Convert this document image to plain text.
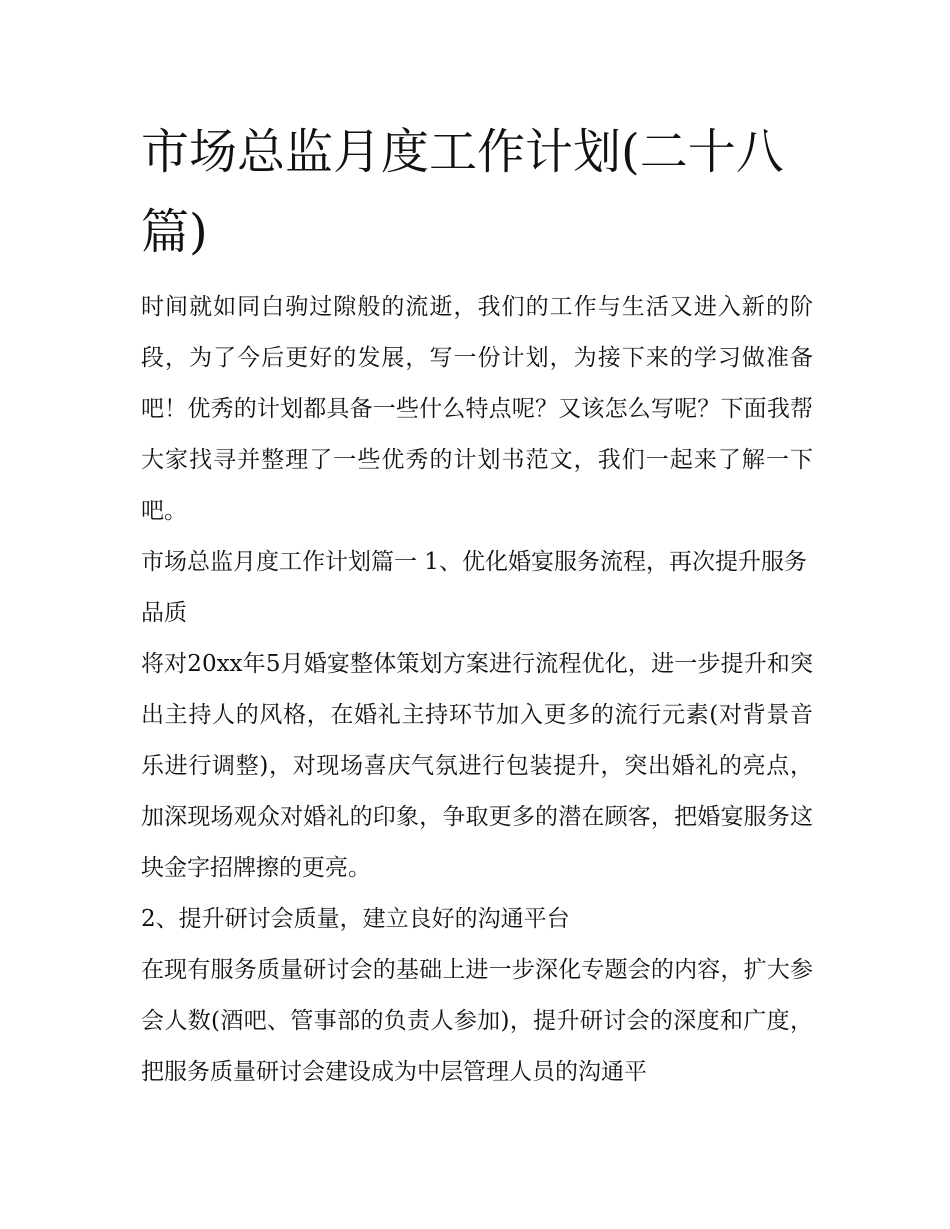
市场总监月度工作计划(二十八篇)

时间就如同白驹过隙般的流逝，我们的工作与生活又进入新的阶段，为了今后更好的发展，写一份计划，为接下来的学习做准备吧！优秀的计划都具备一些什么特点呢？又该怎么写呢？下面我帮大家找寻并整理了一些优秀的计划书范文，我们一起来了解一下吧。

市场总监月度工作计划篇一 1、优化婚宴服务流程，再次提升服务品质

将对20xx年5月婚宴整体策划方案进行流程优化，进一步提升和突出主持人的风格，在婚礼主持环节加入更多的流行元素(对背景音乐进行调整)，对现场喜庆气氛进行包装提升，突出婚礼的亮点，加深现场观众对婚礼的印象，争取更多的潜在顾客，把婚宴服务这块金字招牌擦的更亮。

2、提升研讨会质量，建立良好的沟通平台

在现有服务质量研讨会的基础上进一步深化专题会的内容，扩大参会人数(酒吧、管事部的负责人参加)，提升研讨会的深度和广度，把服务质量研讨会建设成为中层管理人员的沟通平
